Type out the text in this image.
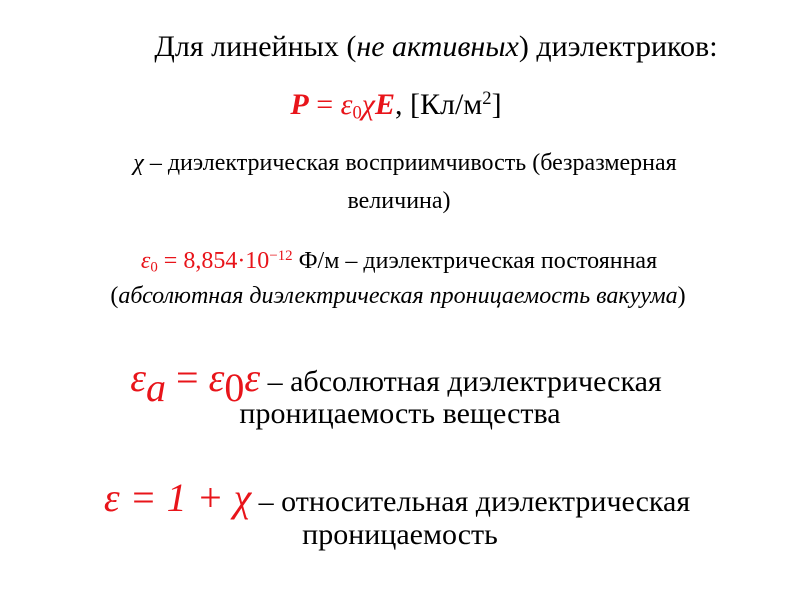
Для линейных (не активных) диэлектриков:
$P = \varepsilon_0\chi E$, $[Кл/м^2]$
χ – диэлектрическая восприимчивость (безразмерная
величина)
$\varepsilon_0 = 8,854\cdot 10^{-12}$ Ф/м – диэлектрическая постоянная
(абсолютная диэлектрическая проницаемость вакуума)
$\varepsilon_a = \varepsilon_0\varepsilon$ – абсолютная диэлектрическая
проницаемость вещества
ε = 1 + χ – относительная диэлектрическая
проницаемость
